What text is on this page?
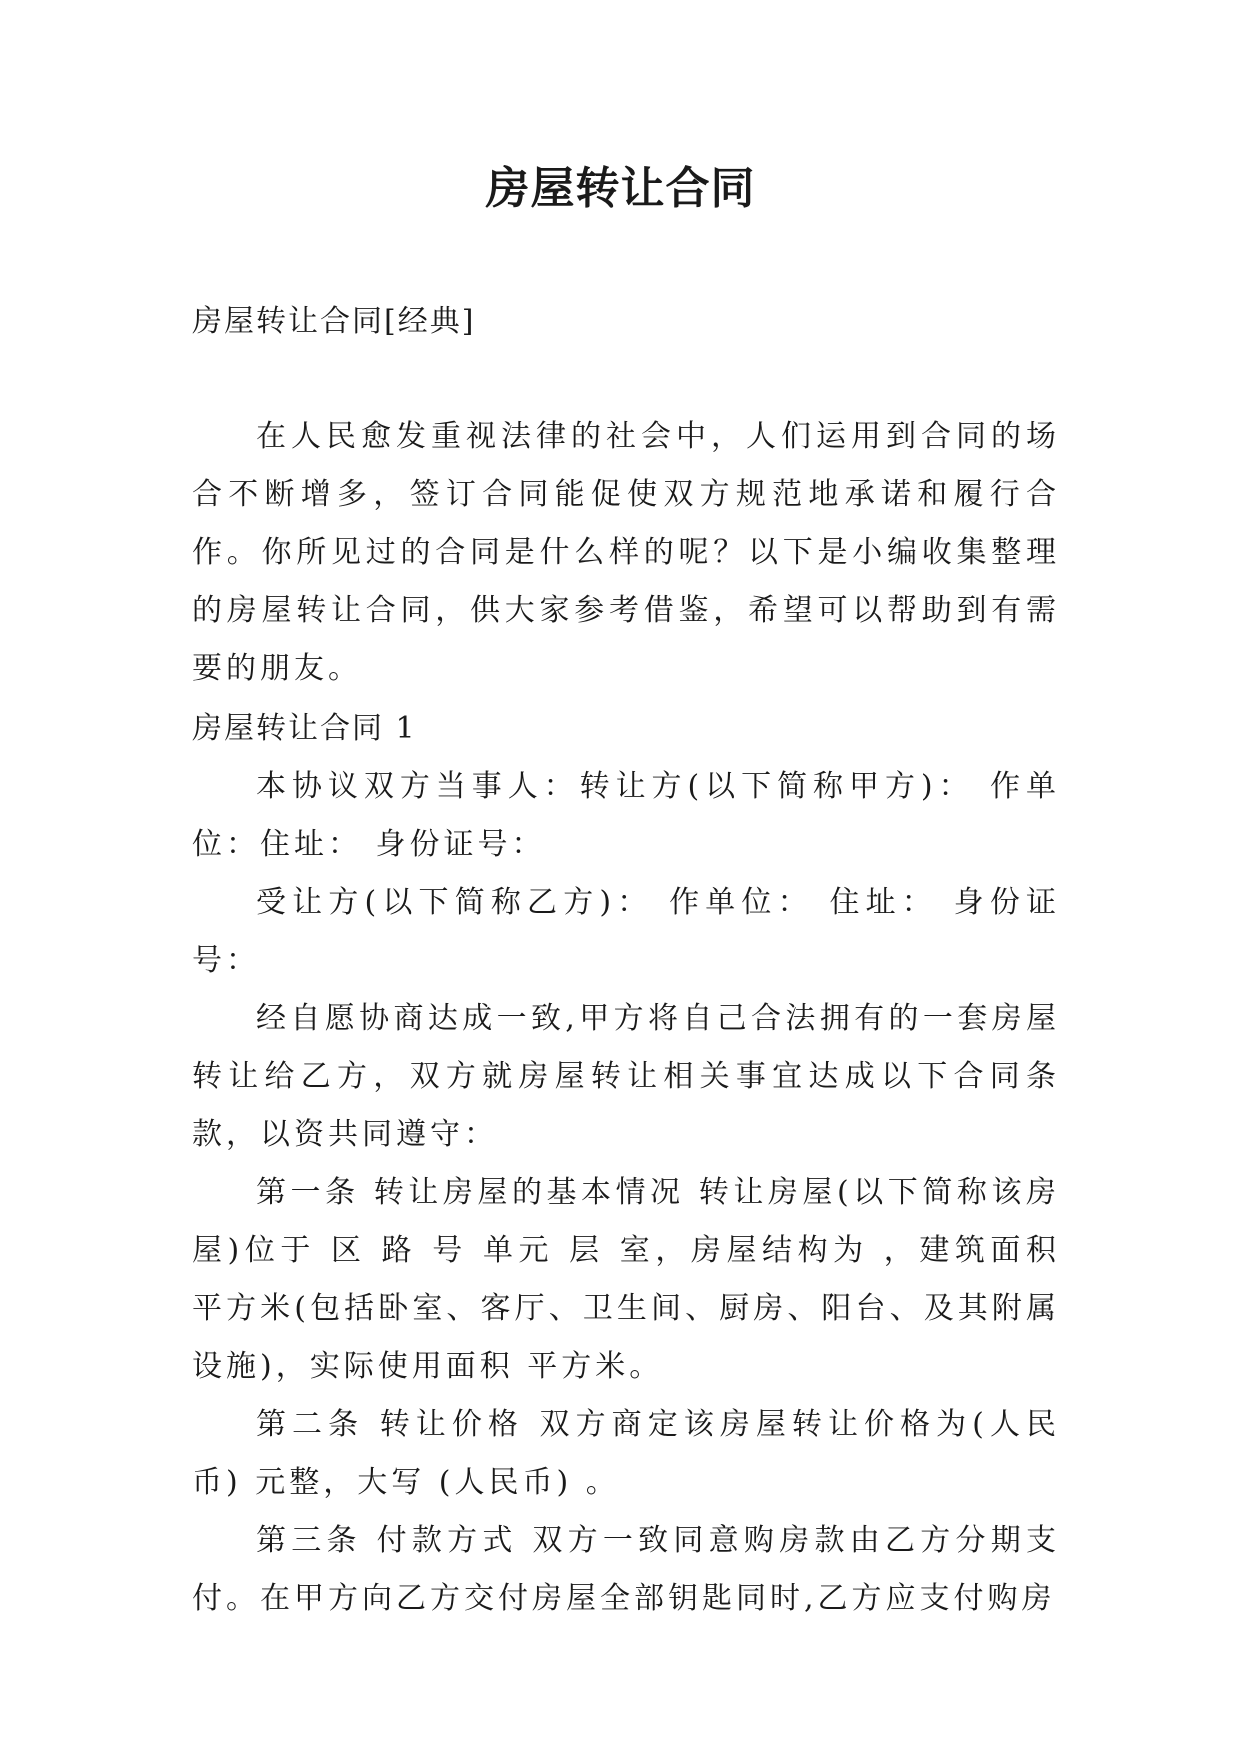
房屋转让合同

房屋转让合同[经典]

在人民愈发重视法律的社会中，人们运用到合同的场合不断增多，签订合同能促使双方规范地承诺和履行合作。你所见过的合同是什么样的呢？以下是小编收集整理的房屋转让合同，供大家参考借鉴，希望可以帮助到有需要的朋友。

房屋转让合同 1

本协议双方当事人：转让方(以下简称甲方)： 作单位：住址： 身份证号：

受让方(以下简称乙方)： 作单位： 住址： 身份证号：

经自愿协商达成一致,甲方将自己合法拥有的一套房屋转让给乙方，双方就房屋转让相关事宜达成以下合同条款，以资共同遵守：

第一条 转让房屋的基本情况 转让房屋(以下简称该房屋)位于 区 路 号 单元 层 室，房屋结构为 ，建筑面积 平方米(包括卧室、客厅、卫生间、厨房、阳台、及其附属设施)，实际使用面积 平方米。

第二条 转让价格 双方商定该房屋转让价格为(人民币) 元整，大写 (人民币) 。

第三条 付款方式 双方一致同意购房款由乙方分期支付。在甲方向乙方交付房屋全部钥匙同时,乙方应支付购房
